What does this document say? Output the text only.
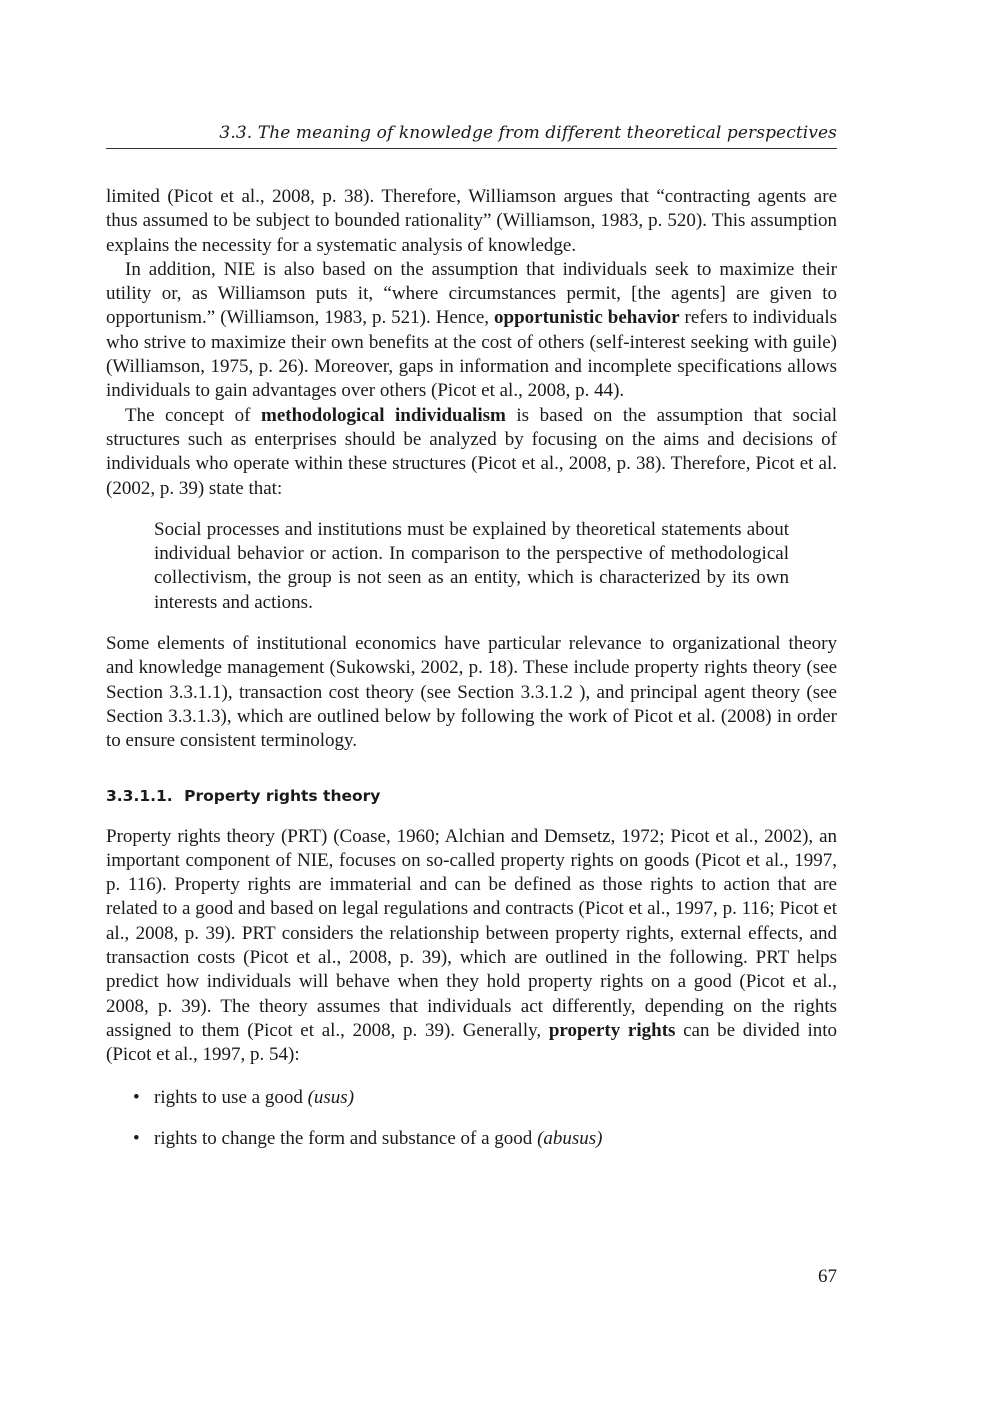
3.3. The meaning of knowledge from different theoretical perspectives

limited (Picot et al., 2008, p. 38). Therefore, Williamson argues that “contracting agents are thus assumed to be subject to bounded rationality” (Williamson, 1983, p. 520). This assumption explains the necessity for a systematic analysis of knowledge.

In addition, NIE is also based on the assumption that individuals seek to maximize their utility or, as Williamson puts it, “where circumstances permit, [the agents] are given to opportunism.” (Williamson, 1983, p. 521). Hence, opportunistic behavior refers to individuals who strive to maximize their own benefits at the cost of others (self-interest seeking with guile) (Williamson, 1975, p. 26). Moreover, gaps in information and incomplete specifications allows individuals to gain advantages over others (Picot et al., 2008, p. 44).

The concept of methodological individualism is based on the assumption that social structures such as enterprises should be analyzed by focusing on the aims and decisions of individuals who operate within these structures (Picot et al., 2008, p. 38). Therefore, Picot et al. (2002, p. 39) state that:

Social processes and institutions must be explained by theoretical statements about individual behavior or action. In comparison to the perspective of methodological collectivism, the group is not seen as an entity, which is characterized by its own interests and actions.

Some elements of institutional economics have particular relevance to organizational theory and knowledge management (Sukowski, 2002, p. 18). These include property rights theory (see Section 3.3.1.1), transaction cost theory (see Section 3.3.1.2 ), and principal agent theory (see Section 3.3.1.3), which are outlined below by following the work of Picot et al. (2008) in order to ensure consistent terminology.

3.3.1.1. Property rights theory

Property rights theory (PRT) (Coase, 1960; Alchian and Demsetz, 1972; Picot et al., 2002), an important component of NIE, focuses on so-called property rights on goods (Picot et al., 1997, p. 116). Property rights are immaterial and can be defined as those rights to action that are related to a good and based on legal regulations and contracts (Picot et al., 1997, p. 116; Picot et al., 2008, p. 39). PRT considers the relationship between property rights, external effects, and transaction costs (Picot et al., 2008, p. 39), which are outlined in the following. PRT helps predict how individuals will behave when they hold property rights on a good (Picot et al., 2008, p. 39). The theory assumes that individuals act differently, depending on the rights assigned to them (Picot et al., 2008, p. 39). Generally, property rights can be divided into (Picot et al., 1997, p. 54):

• rights to use a good (usus)
• rights to change the form and substance of a good (abusus)
67
